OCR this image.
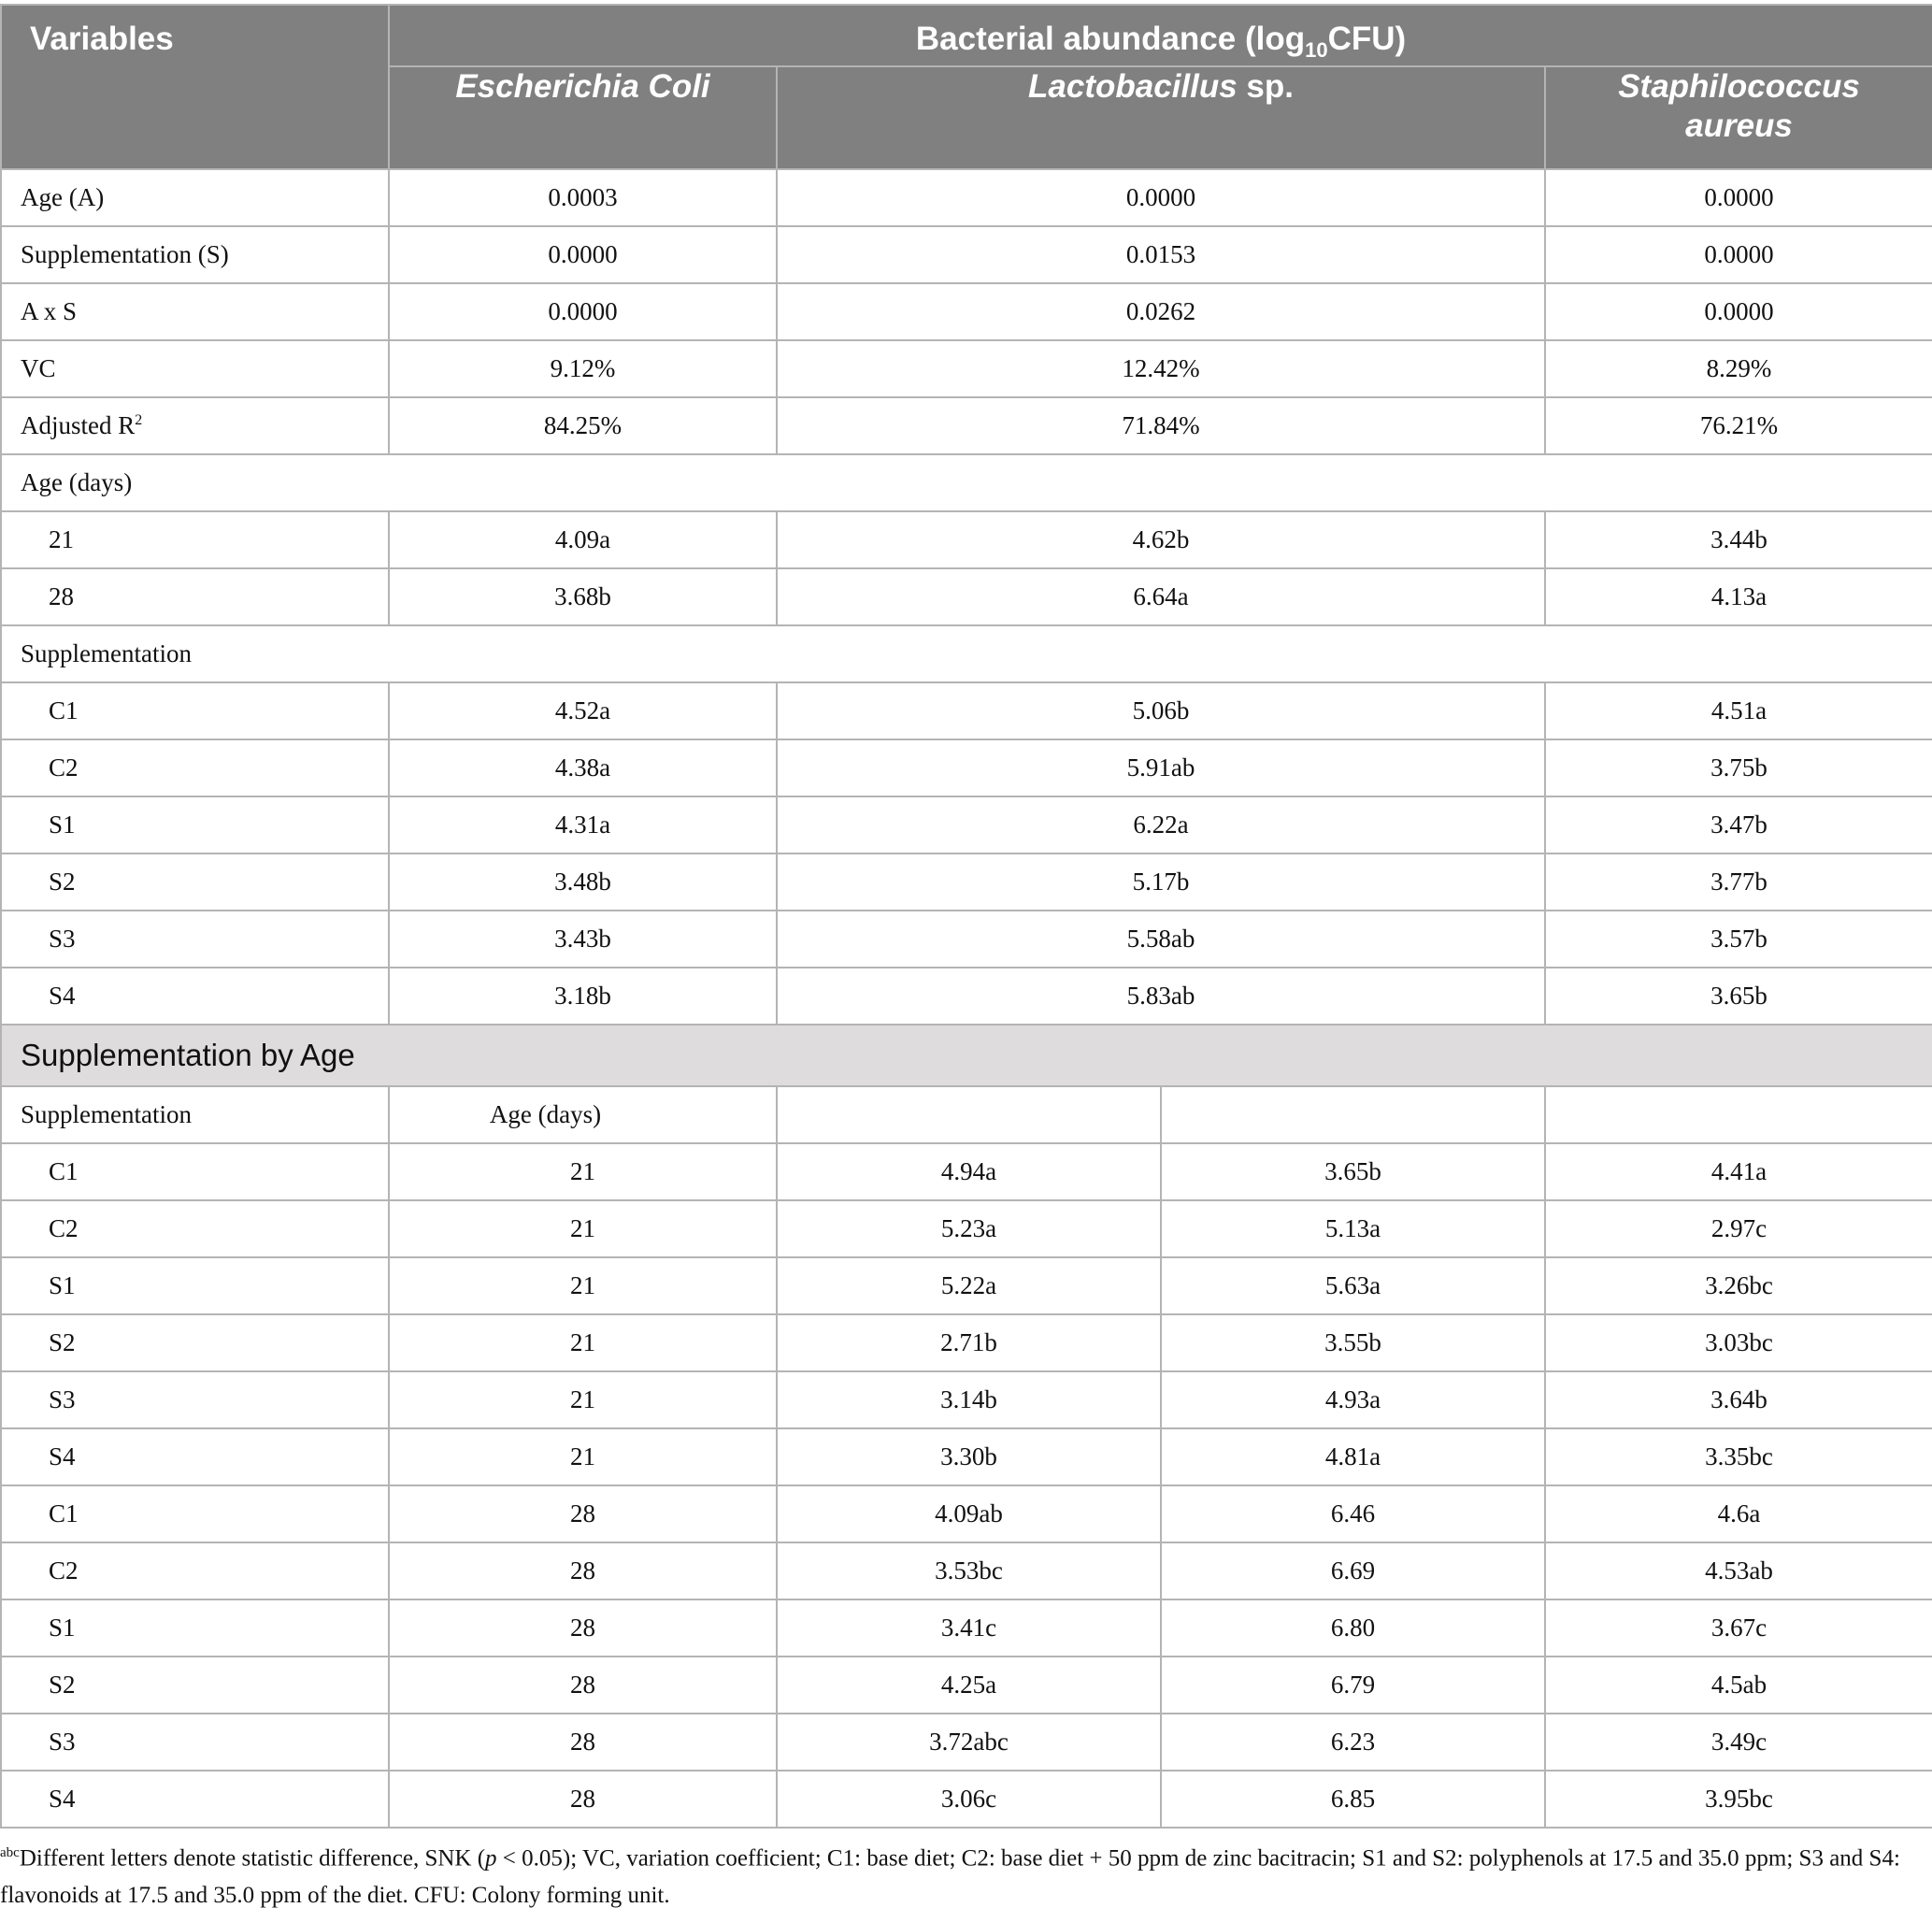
Variables	Bacterial abundance $(\log_{10}CFU)$			
	Escherichia Coli	Lactobacillus sp.		Staphilococcus aureus
Age (A)	0.0003	0.0000		0.0000
Supplementation (S)	0.0000	0.0153		0.0000
A x S	0.0000	0.0262		0.0000
VC	9.12%	12.42%		8.29%
Adjusted $R^2$	84.25%	71.84%		76.21%
Age (days)				
21	4.09a	4.62b		3.44b
28	3.68b	6.64a		4.13a
Supplementation				
C1	4.52a	5.06b		4.51a
C2	4.38a	5.91ab		3.75b
S1	4.31a	6.22a		3.47b
S2	3.48b	5.17b		3.77b
S3	3.43b	5.58ab		3.57b
S4	3.18b	5.83ab		3.65b
Supplementation by Age				
Supplementation	Age (days)			
C1	21	4.94a	3.65b	4.41a
C2	21	5.23a	5.13a	2.97c
S1	21	5.22a	5.63a	3.26bc
S2	21	2.71b	3.55b	3.03bc
S3	21	3.14b	4.93a	3.64b
S4	21	3.30b	4.81a	3.35bc
C1	28	4.09ab	6.46	4.6a
C2	28	3.53bc	6.69	4.53ab
S1	28	3.41c	6.80	3.67c
S2	28	4.25a	6.79	4.5ab
S3	28	3.72abc	6.23	3.49c
S4	28	3.06c	6.85	3.95bc
$^{abc}$Different letters denote statistic difference, SNK (p < 0.05); VC, variation coefficient; C1: base diet; C2: base diet + 50 ppm de zinc bacitracin; S1 and S2: polyphenols at 17.5 and 35.0 ppm; S3 and S4: flavonoids at 17.5 and 35.0 ppm of the diet. CFU: Colony forming unit.
